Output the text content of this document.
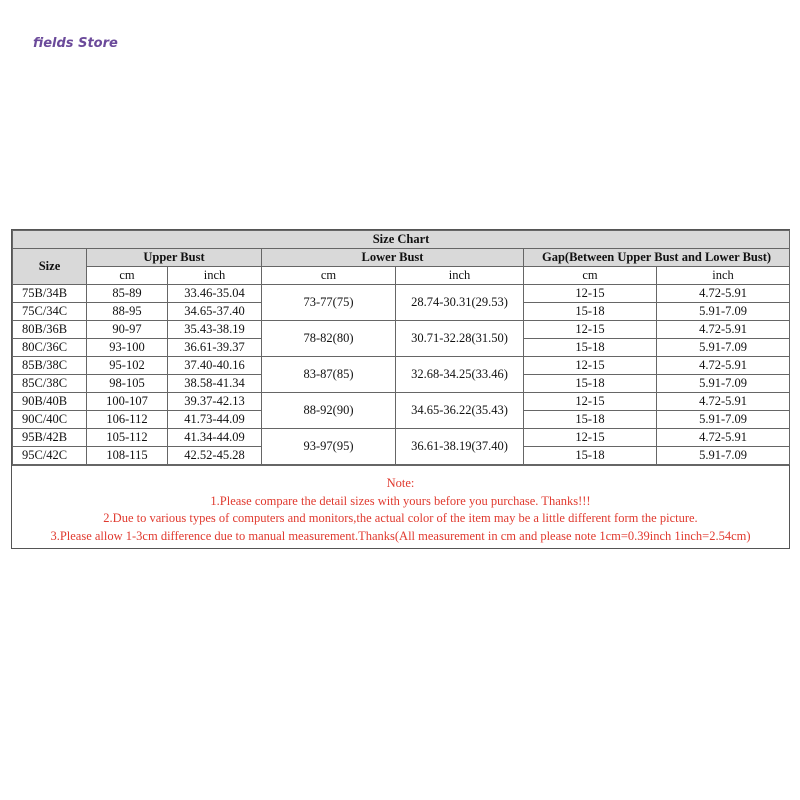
fields Store
Size Chart						
Size	Upper Bust		Lower Bust		Gap(Between Upper Bust and Lower Bust)	
	cm	inch	cm	inch	cm	inch
75B/34B	85-89	33.46-35.04	73-77(75)	28.74-30.31(29.53)	12-15	4.72-5.91
75C/34C	88-95	34.65-37.40			15-18	5.91-7.09
80B/36B	90-97	35.43-38.19	78-82(80)	30.71-32.28(31.50)	12-15	4.72-5.91
80C/36C	93-100	36.61-39.37			15-18	5.91-7.09
85B/38C	95-102	37.40-40.16	83-87(85)	32.68-34.25(33.46)	12-15	4.72-5.91
85C/38C	98-105	38.58-41.34			15-18	5.91-7.09
90B/40B	100-107	39.37-42.13	88-92(90)	34.65-36.22(35.43)	12-15	4.72-5.91
90C/40C	106-112	41.73-44.09			15-18	5.91-7.09
95B/42B	105-112	41.34-44.09	93-97(95)	36.61-38.19(37.40)	12-15	4.72-5.91
95C/42C	108-115	42.52-45.28			15-18	5.91-7.09
Note:
1.Please compare the detail sizes with yours before you purchase. Thanks!!!
2.Due to various types of computers and monitors,the actual color of the item may be a little different form the picture.
3.Please allow 1-3cm difference due to manual measurement.Thanks(All measurement in cm and please note 1cm=0.39inch 1inch=2.54cm)
